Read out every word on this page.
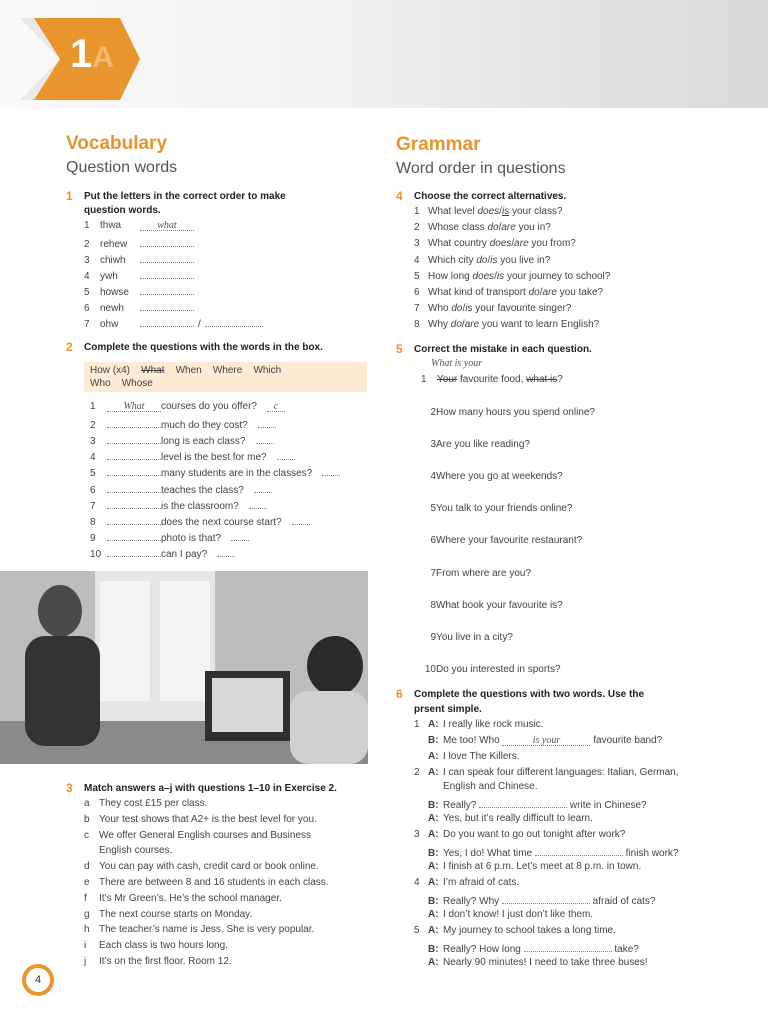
1A
Vocabulary
Question words
1 Put the letters in the correct order to make question words.
1 thwa	what
2 rehew
3 chiwh
4 ywh
5 howse
6 newh
7 ohw	/
2 Complete the questions with the words in the box.
How (x4) What When Where Which
Who Whose
1	What courses do you offer? c
2	much do they cost?
3	long is each class?
4	level is the best for me?
5	many students are in the classes?
6	teaches the class?
7	is the classroom?
8	does the next course start?
9	photo is that?
10	can I pay?
3 Match answers a–j with questions 1–10 in Exercise 2.
a They cost £15 per class.
b Your test shows that A2+ is the best level for you.
c We offer General English courses and Business
English courses.
d You can pay with cash, credit card or book online.
e There are between 8 and 16 students in each class.
f It’s Mr Green’s. He’s the school manager.
g The next course starts on Monday.
h The teacher’s name is Jess. She is very popular.
i Each class is two hours long.
j It’s on the first floor. Room 12.
4
Grammar
Word order in questions
4 Choose the correct alternatives.
1 What level does/is your class?
2 Whose class do/are you in?
3 What country does/are you from?
4 Which city do/is you live in?
5 How long does/is your journey to school?
6 What kind of transport do/are you take?
7 Who do/is your favourite singer?
8 Why do/are you want to learn English?
5 Correct the mistake in each question.
What is your
1 Your favourite food, what is?
2How many hours you spend online?
3Are you like reading?
4Where you go at weekends?
5You talk to your friends online?
6Where your favourite restaurant?
7From where are you?
8What book your favourite is?
9You live in a city?
10Do you interested in sports?
6 Complete the questions with two words. Use the
prsent simple.
1 A: I really like rock music.
B: Me too! Who	is your	favourite band?
A: I love The Killers.
2 A: I can speak four different languages: Italian, German,
English and Chinese.
B: Really?	write in Chinese?
A: Yes, but it’s really difficult to learn.
3 A: Do you want to go out tonight after work?
B: Yes, I do! What time	finish work?
A: I finish at 6 p.m. Let’s meet at 8 p.m. in town.
4 A: I’m afraid of cats.
B: Really? Why	afraid of cats?
A: I don’t know! I just don’t like them.
5 A: My journey to school takes a long time.
B: Really? How long	take?
A: Nearly 90 minutes! I need to take three buses!
